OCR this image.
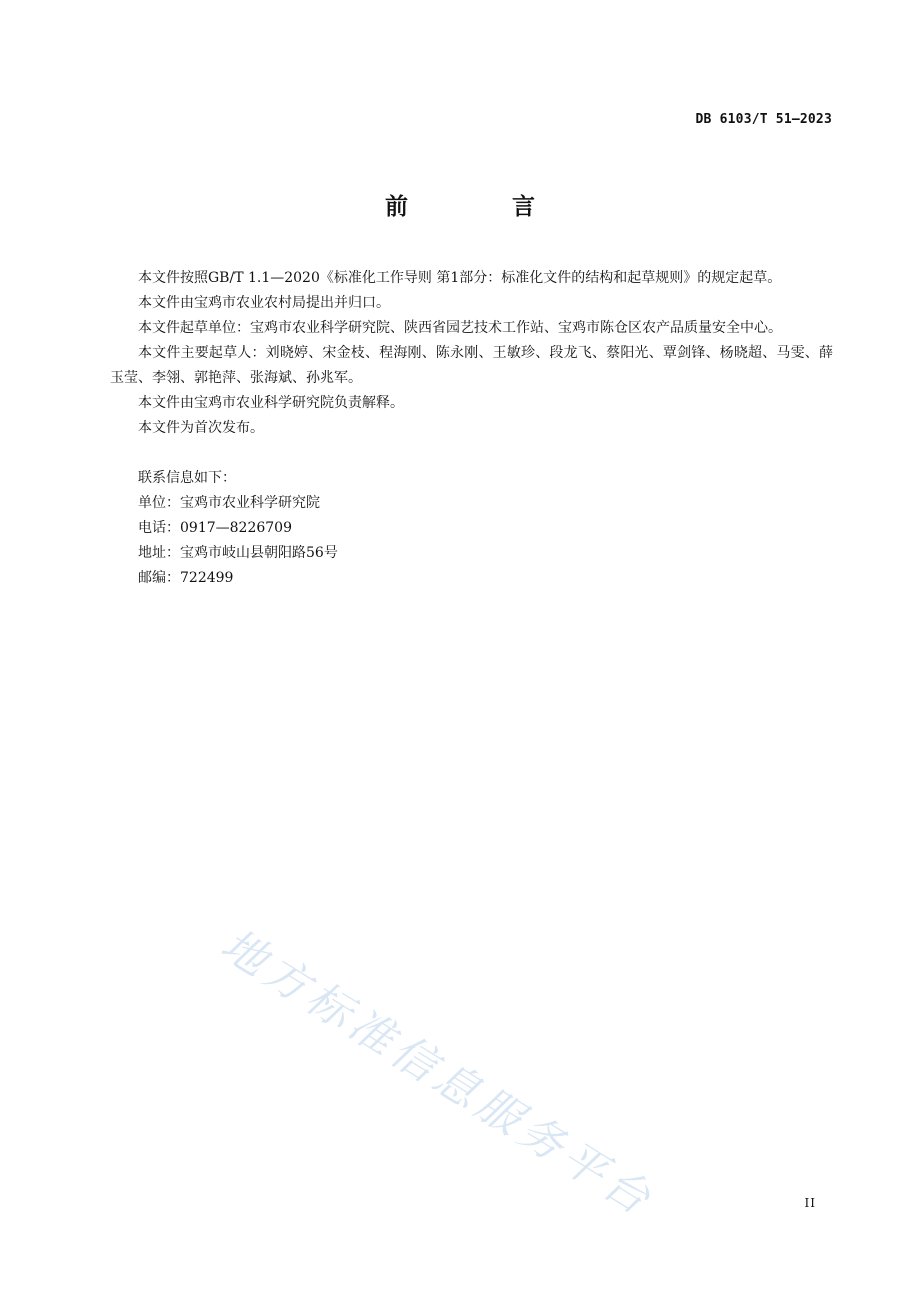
DB 6103/T 51—2023
前 言

本文件按照GB/T 1.1—2020《标准化工作导则 第1部分：标准化文件的结构和起草规则》的规定起草。

本文件由宝鸡市农业农村局提出并归口。

本文件起草单位：宝鸡市农业科学研究院、陕西省园艺技术工作站、宝鸡市陈仓区农产品质量安全中心。

本文件主要起草人：刘晓婷、宋金枝、程海刚、陈永刚、王敏珍、段龙飞、蔡阳光、覃剑锋、杨晓超、马雯、薛玉莹、李翎、郭艳萍、张海斌、孙兆军。

本文件由宝鸡市农业科学研究院负责解释。

本文件为首次发布。

联系信息如下：

单位：宝鸡市农业科学研究院

电话：0917—8226709

地址：宝鸡市岐山县朝阳路56号

邮编：722499

地方标准信息服务平台	II
